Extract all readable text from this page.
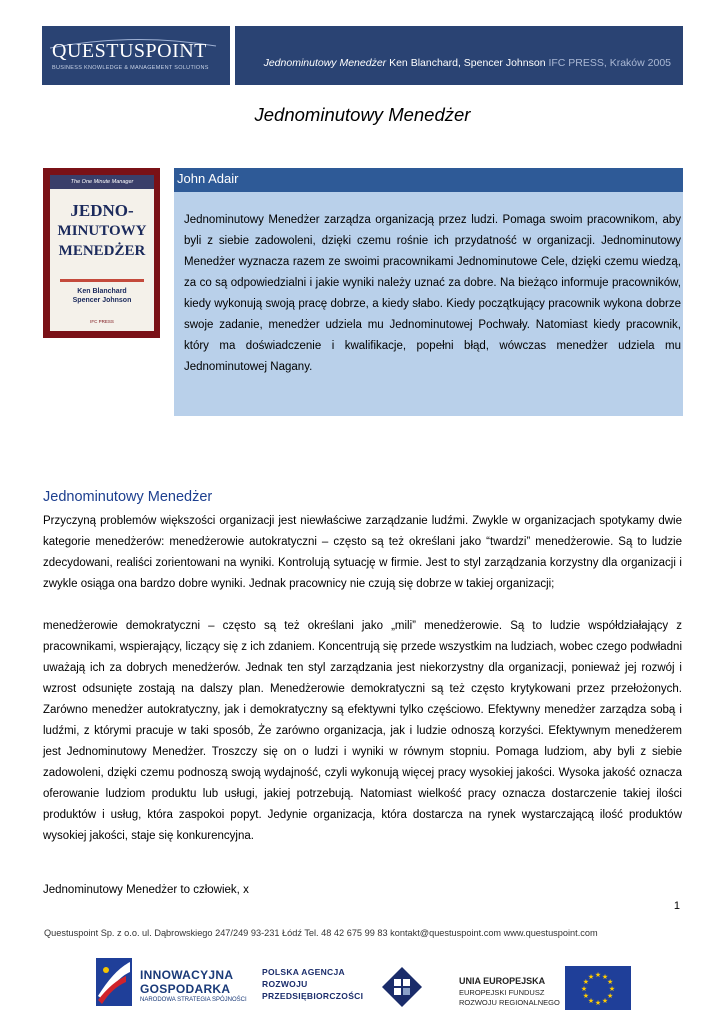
QUESTUSPOINT
BUSINESS KNOWLEDGE & MANAGEMENT SOLUTIONS	Jednominutowy Menedżer Ken Blanchard, Spencer Johnson IFC PRESS, Kraków 2005
Jednominutowy Menedżer
The One Minute Manager
JEDNO-
MINUTOWY
MENEDŻER
Ken Blanchard
Spencer Johnson
IFC PRESS
John Adair
Jednominutowy Menedżer zarządza organizacją przez ludzi. Pomaga swoim pracownikom, aby byli z siebie zadowoleni, dzięki czemu rośnie ich przydatność w organizacji. Jednominutowy Menedżer wyznacza razem ze swoimi pracownikami Jednominutowe Cele, dzięki czemu wiedzą, za co są odpowiedzialni i jakie wyniki należy uznać za dobre. Na bieżąco informuje pracowników, kiedy wykonują swoją pracę dobrze, a kiedy słabo. Kiedy początkujący pracownik wykona dobrze swoje zadanie, menedżer udziela mu Jednominutowej Pochwały. Natomiast kiedy pracownik, który ma doświadczenie i kwalifikacje, popełni błąd, wówczas menedżer udziela mu Jednominutowej Nagany.
Jednominutowy Menedżer
Przyczyną problemów większości organizacji jest niewłaściwe zarządzanie ludźmi. Zwykle w organizacjach spotykamy dwie kategorie menedżerów: menedżerowie autokratyczni – często są też określani jako “twardzi” menedżerowie. Są to ludzie zdecydowani, realiści zorientowani na wyniki. Kontrolują sytuację w firmie. Jest to styl zarządzania korzystny dla organizacji i zwykle osiąga ona bardzo dobre wyniki. Jednak pracownicy nie czują się dobrze w takiej organizacji;
menedżerowie demokratyczni – często są też określani jako „mili” menedżerowie. Są to ludzie współdziałający z pracownikami, wspierający, liczący się z ich zdaniem. Koncentrują się przede wszystkim na ludziach, wobec czego podwładni uważają ich za dobrych menedżerów. Jednak ten styl zarządzania jest niekorzystny dla organizacji, ponieważ jej rozwój i wzrost odsunięte zostają na dalszy plan. Menedżerowie demokratyczni są też często krytykowani przez przełożonych. Zarówno menedżer autokratyczny, jak i demokratyczny są efektywni tylko częściowo. Efektywny menedżer zarządza sobą i ludźmi, z którymi pracuje w taki sposób, Że zarówno organizacja, jak i ludzie odnoszą korzyści. Efektywnym menedżerem jest Jednominutowy Menedżer. Troszczy się on o ludzi i wyniki w równym stopniu. Pomaga ludziom, aby byli z siebie zadowoleni, dzięki czemu podnoszą swoją wydajność, czyli wykonują więcej pracy wysokiej jakości. Wysoka jakość oznacza oferowanie ludziom produktu lub usługi, jakiej potrzebują. Natomiast wielkość pracy oznacza dostarczenie takiej ilości produktów i usług, która zaspokoi popyt. Jedynie organizacja, która dostarcza na rynek wystarczającą ilość produktów wysokiej jakości, staje się konkurencyjna.
Jednominutowy Menedżer to człowiek, x
1
Questuspoint Sp. z o.o. ul. Dąbrowskiego 247/249 93-231 Łódź Tel. 48 42 675 99 83 kontakt@questuspoint.com www.questuspoint.com
INNOWACYJNA
GOSPODARKA
NARODOWA STRATEGIA SPÓJNOŚCI
POLSKA AGENCJA
ROZWOJU
PRZEDSIĘBIORCZOŚCI
UNIA EUROPEJSKA
EUROPEJSKI FUNDUSZ
ROZWOJU REGIONALNEGO
★
★
★
★
★
★
★
★
★ ★ ★
★
